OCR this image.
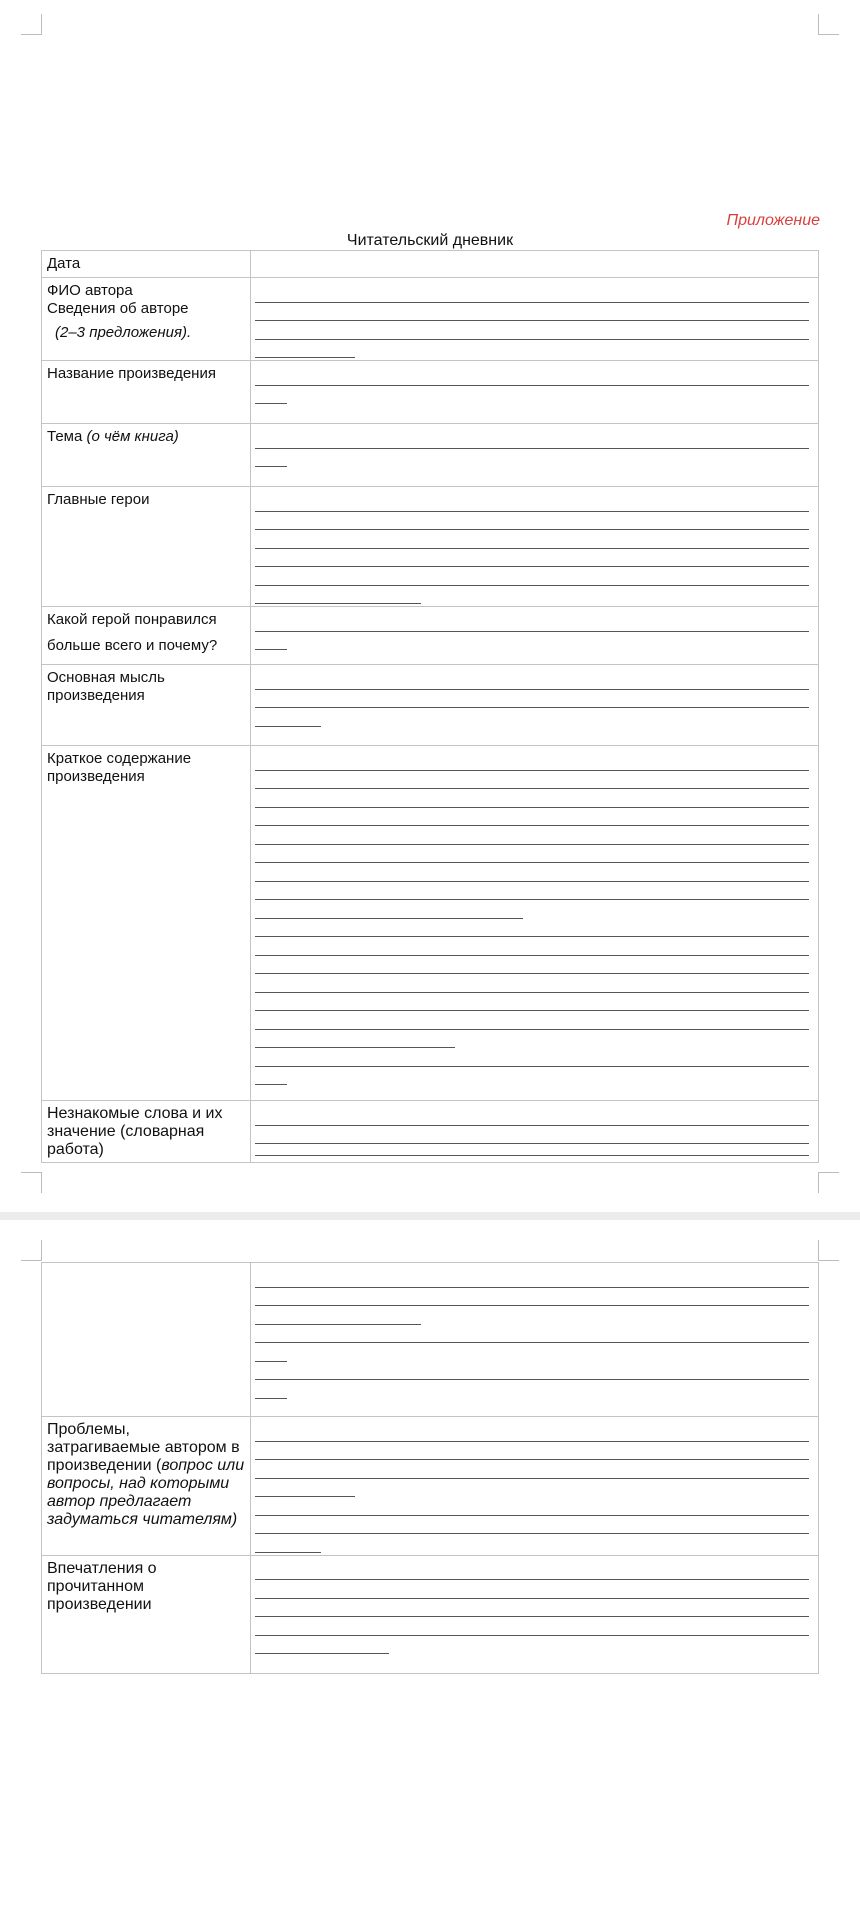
Приложение
Читательский дневник
Дата	

ФИО автора
Сведения об авторе
(2–3 предложения).	

Название произведения	

Тема (о чём книга)	

Главные герои	

Какой герой понравился
больше всего и почему?	

Основная мысль произведения	

Краткое содержание произведения	

Незнакомые слова и их значение (словарная работа)	

Проблемы, затрагиваемые автором в произведении (вопрос или вопросы, над которыми автор предлагает задуматься читателям)	

Впечатления о прочитанном произведении	
